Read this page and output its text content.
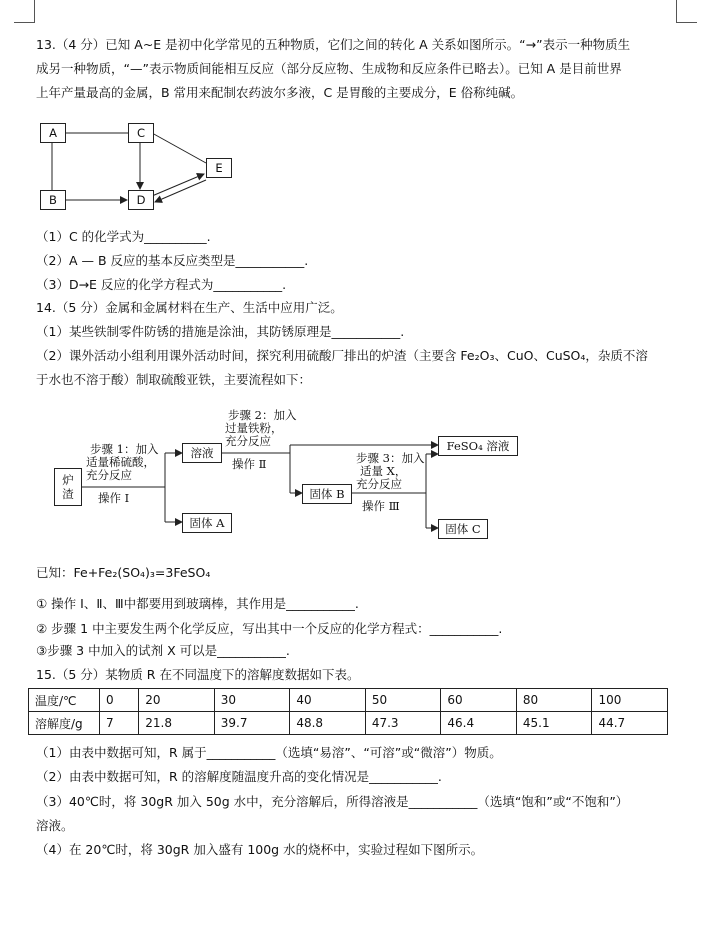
13.（4 分）已知 A~E 是初中化学常见的五种物质，它们之间的转化 A 关系如图所示。“→”表示一种物质生
成另一种物质，“—”表示物质间能相互反应（部分反应物、生成物和反应条件已略去）。已知 A 是目前世界
上年产量最高的金属，B 常用来配制农药波尔多液，C 是胃酸的主要成分，E 俗称纯碱。
A	C
E
B	D
（1）C 的化学式为__________.
（2）A — B 反应的基本反应类型是___________.
（3）D→E 反应的化学方程式为___________.
14.（5 分）金属和金属材料在生产、生活中应用广泛。
（1）某些铁制零件防锈的措施是涂油，其防锈原理是___________.
（2）课外活动小组利用课外活动时间，探究利用硫酸厂排出的炉渣（主要含 Fe₂O₃、CuO、CuSO₄，杂质不溶
于水也不溶于酸）制取硫酸亚铁，主要流程如下：
炉
渣
步骤 1：加入
适量稀硫酸，
充分反应
操作 Ⅰ
溶液
固体 A
步骤 2：加入
过量铁粉，
充分反应
操作 Ⅱ
FeSO₄ 溶液
固体 B
步骤 3：加入
适量 X，
充分反应
操作 Ⅲ
固体 C
已知：Fe+Fe₂(SO₄)₃=3FeSO₄
① 操作 Ⅰ、Ⅱ、Ⅲ中都要用到玻璃棒，其作用是___________.
② 步骤 1 中主要发生两个化学反应，写出其中一个反应的化学方程式：___________.
③步骤 3 中加入的试剂 X 可以是___________.
15.（5 分）某物质 R 在不同温度下的溶解度数据如下表。
温度/℃	0	20	30	40	50	60	80	100
溶解度/g	7	21.8	39.7	48.8	47.3	46.4	45.1	44.7
（1）由表中数据可知，R 属于___________（选填“易溶”、“可溶”或“微溶”）物质。
（2）由表中数据可知，R 的溶解度随温度升高的变化情况是___________.
（3）40℃时，将 30gR 加入 50g 水中，充分溶解后，所得溶液是___________（选填“饱和”或“不饱和”）
溶液。
（4）在 20℃时，将 30gR 加入盛有 100g 水的烧杯中，实验过程如下图所示。
